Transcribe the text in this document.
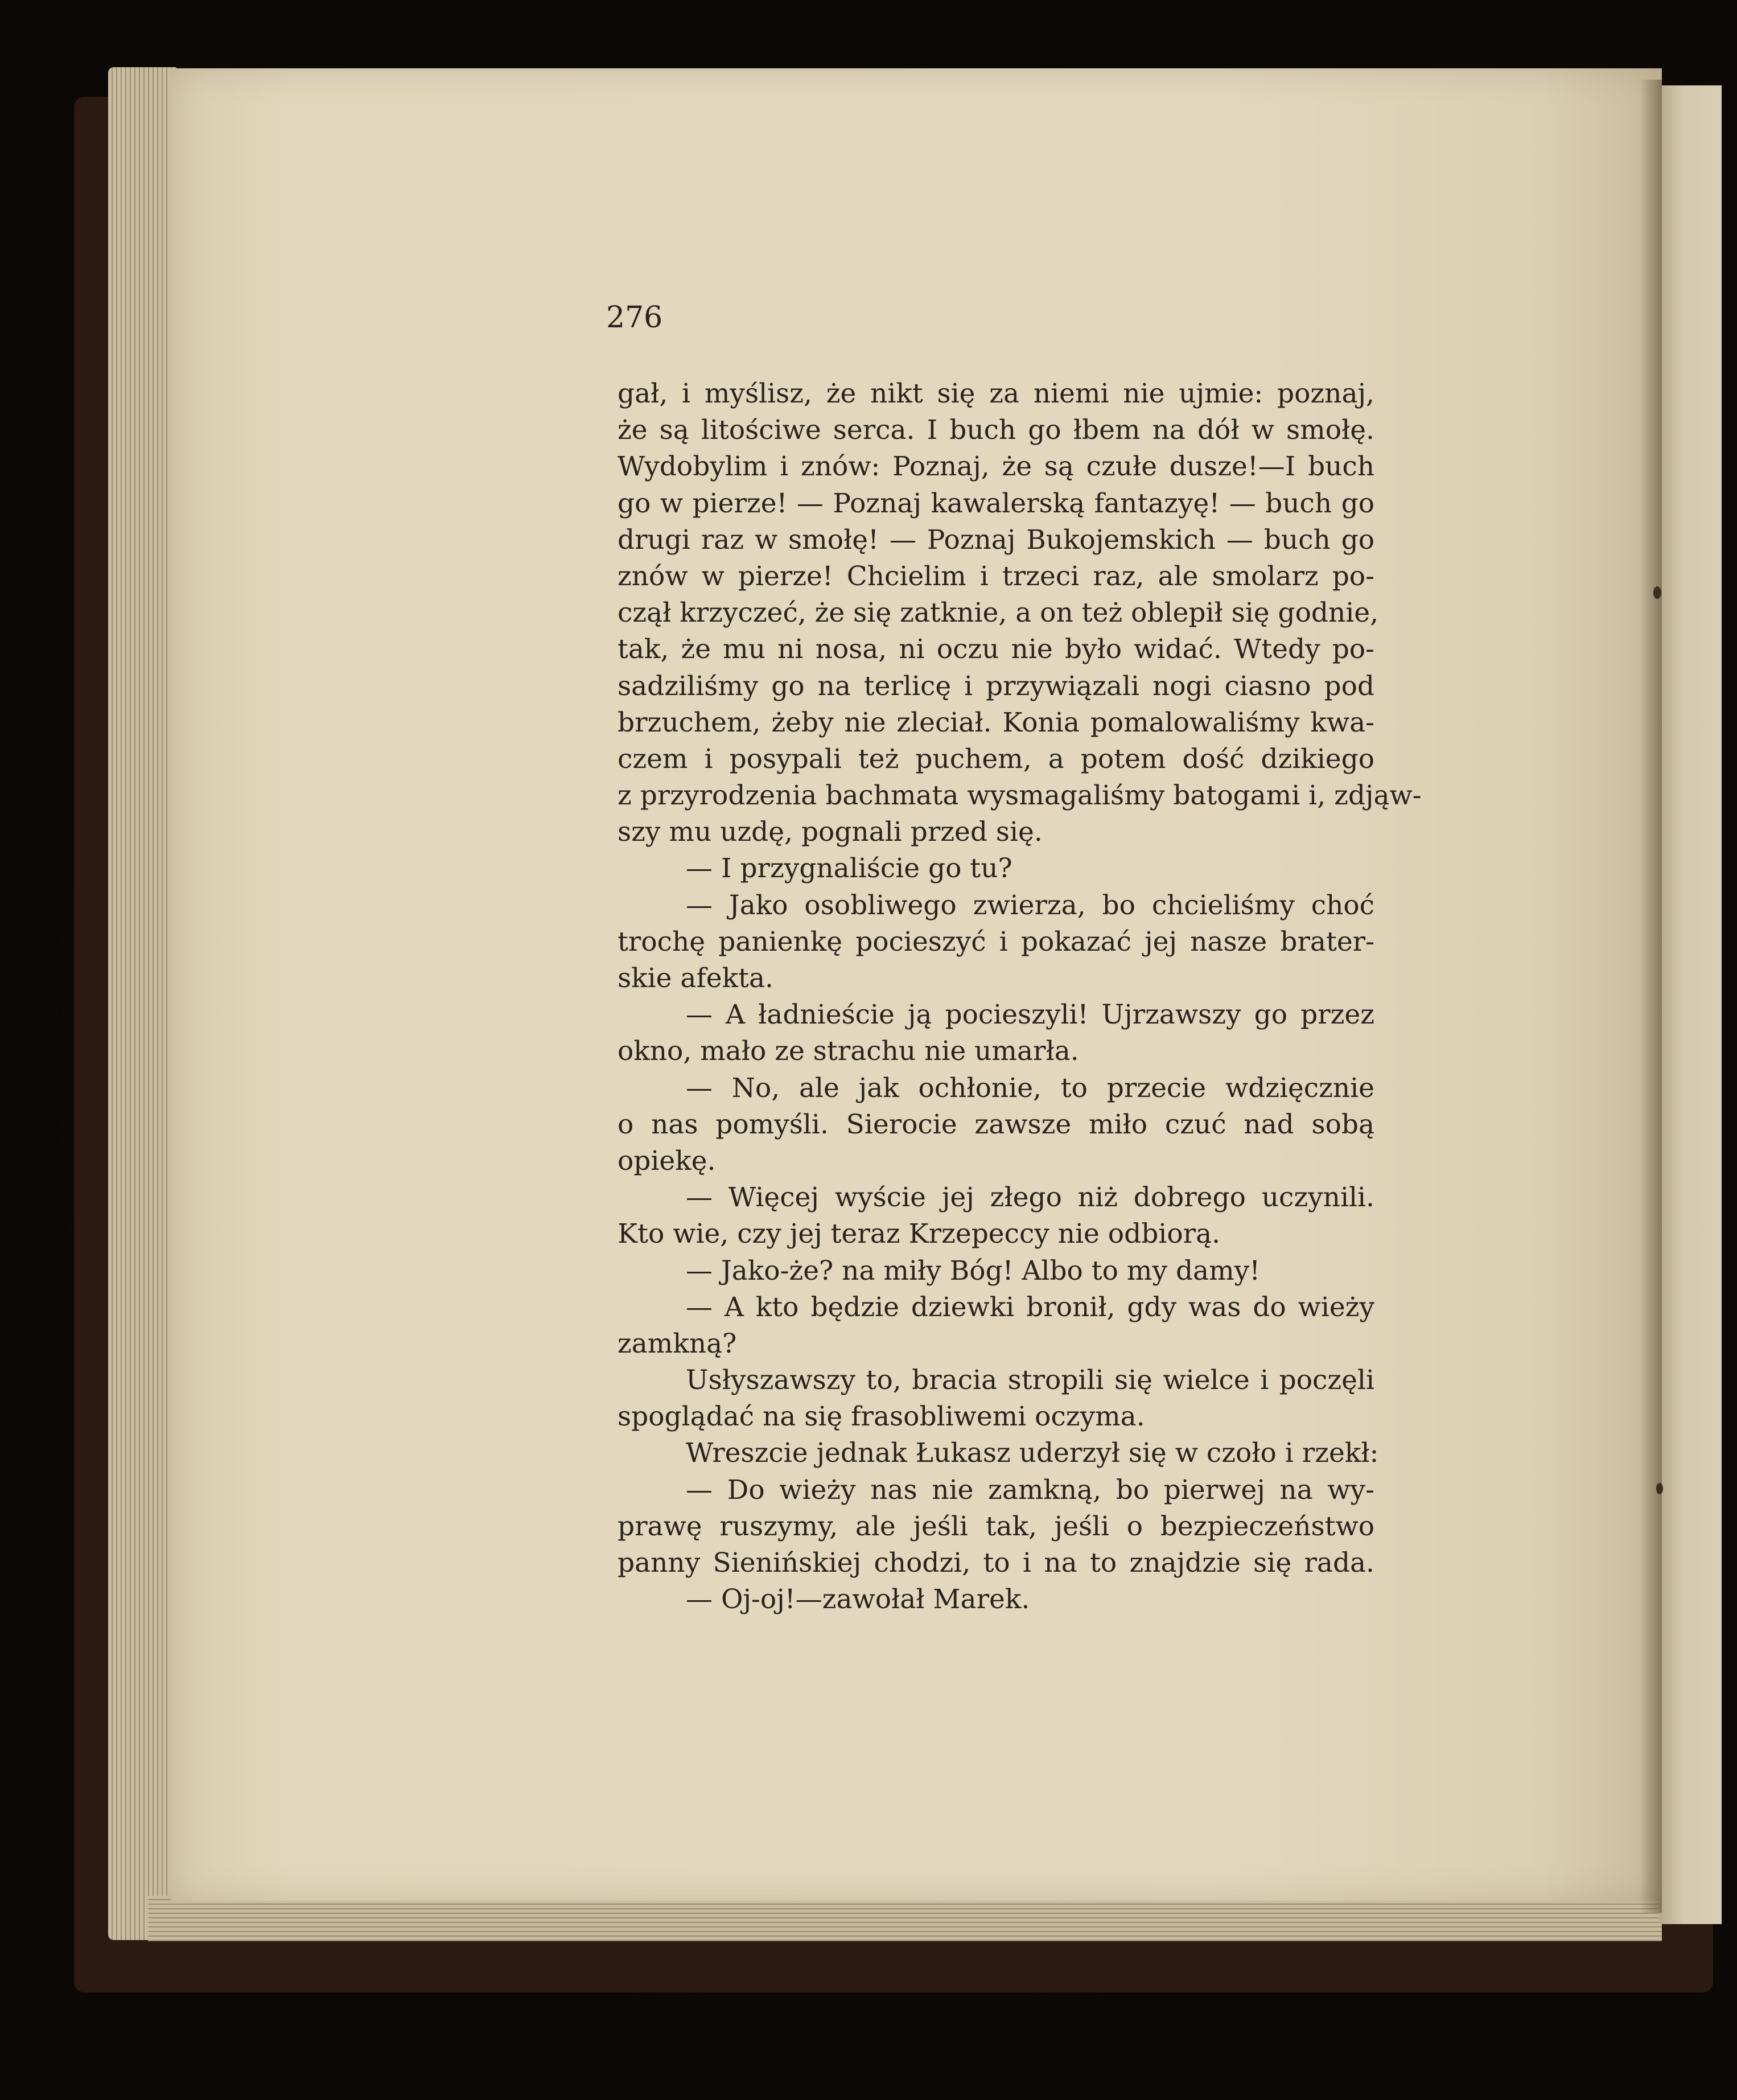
276

gał, i myślisz, że nikt się za niemi nie ujmie: poznaj,
że są litościwe serca. I buch go łbem na dół w smołę.
Wydobylim i znów: Poznaj, że są czułe dusze!—I buch
go w pierze! — Poznaj kawalerską fantazyę! — buch go
drugi raz w smołę! — Poznaj Bukojemskich — buch go
znów w pierze! Chcielim i trzeci raz, ale smolarz po-
czął krzyczeć, że się zatknie, a on też oblepił się godnie,
tak, że mu ni nosa, ni oczu nie było widać. Wtedy po-
sadziliśmy go na terlicę i przywiązali nogi ciasno pod
brzuchem, żeby nie zleciał. Konia pomalowaliśmy kwa-
czem i posypali też puchem, a potem dość dzikiego
z przyrodzenia bachmata wysmagaliśmy batogami i, zdjąw-
szy mu uzdę, pognali przed się.
— I przygnaliście go tu?
— Jako osobliwego zwierza, bo chcieliśmy choć
trochę panienkę pocieszyć i pokazać jej nasze brater-
skie afekta.
— A ładnieście ją pocieszyli! Ujrzawszy go przez
okno, mało ze strachu nie umarła.
— No, ale jak ochłonie, to przecie wdzięcznie
o nas pomyśli. Sierocie zawsze miło czuć nad sobą
opiekę.
— Więcej wyście jej złego niż dobrego uczynili.
Kto wie, czy jej teraz Krzepeccy nie odbiorą.
— Jako-że? na miły Bóg! Albo to my damy!
— A kto będzie dziewki bronił, gdy was do wieży
zamkną?
Usłyszawszy to, bracia stropili się wielce i poczęli
spoglądać na się frasobliwemi oczyma.
Wreszcie jednak Łukasz uderzył się w czoło i rzekł:
— Do wieży nas nie zamkną, bo pierwej na wy-
prawę ruszymy, ale jeśli tak, jeśli o bezpieczeństwo
panny Sienińskiej chodzi, to i na to znajdzie się rada.
— Oj-oj!—zawołał Marek.
